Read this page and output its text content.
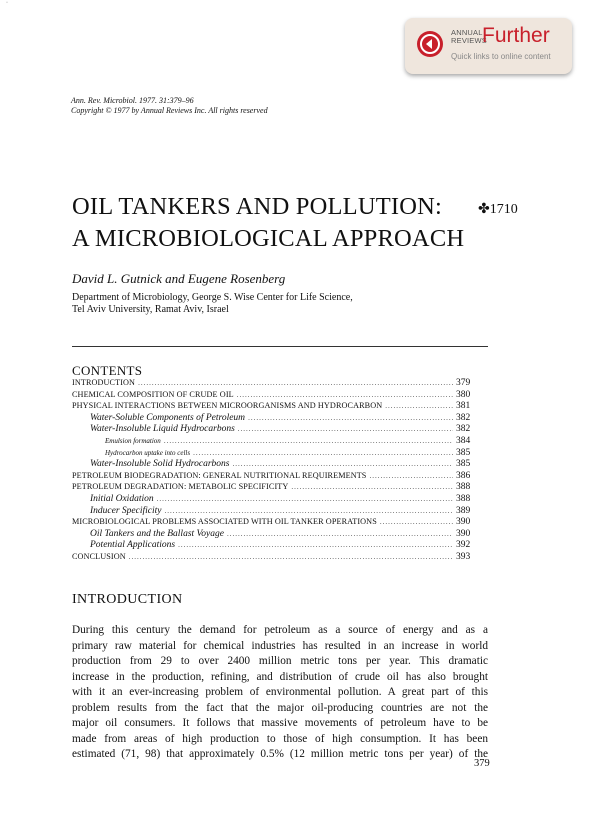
·
ANNUAL
REVIEWS
Further
Quick links to online content
Ann. Rev. Microbiol. 1977. 31:379–96
Copyright © 1977 by Annual Reviews Inc. All rights reserved
OIL TANKERS AND POLLUTION:
A MICROBIOLOGICAL APPROACH
✤1710
David L. Gutnick and Eugene Rosenberg
Department of Microbiology, George S. Wise Center for Life Science,
Tel Aviv University, Ramat Aviv, Israel
CONTENTS
INTRODUCTION .....	379
CHEMICAL COMPOSITION OF CRUDE OIL .....	380
PHYSICAL INTERACTIONS BETWEEN MICROORGANISMS AND HYDROCARBON .....	381
Water-Soluble Components of Petroleum .....	382
Water-Insoluble Liquid Hydrocarbons .....	382
Emulsion formation .....	384
Hydrocarbon uptake into cells .....	385
Water-Insoluble Solid Hydrocarbons .....	385
PETROLEUM BIODEGRADATION: GENERAL NUTRITIONAL REQUIREMENTS .....	386
PETROLEUM DEGRADATION: METABOLIC SPECIFICITY .....	388
Initial Oxidation .....	388
Inducer Specificity .....	389
MICROBIOLOGICAL PROBLEMS ASSOCIATED WITH OIL TANKER OPERATIONS .....	390
Oil Tankers and the Ballast Voyage .....	390
Potential Applications .....	392
CONCLUSION .....	393
INTRODUCTION
During this century the demand for petroleum as a source of energy and as a
primary raw material for chemical industries has resulted in an increase in world
production from 29 to over 2400 million metric tons per year. This dramatic
increase in the production, refining, and distribution of crude oil has also brought
with it an ever-increasing problem of environmental pollution. A great part of this
problem results from the fact that the major oil-producing countries are not the
major oil consumers. It follows that massive movements of petroleum have to be
made from areas of high production to those of high consumption. It has been
estimated (71, 98) that approximately 0.5% (12 million metric tons per year) of the
379
